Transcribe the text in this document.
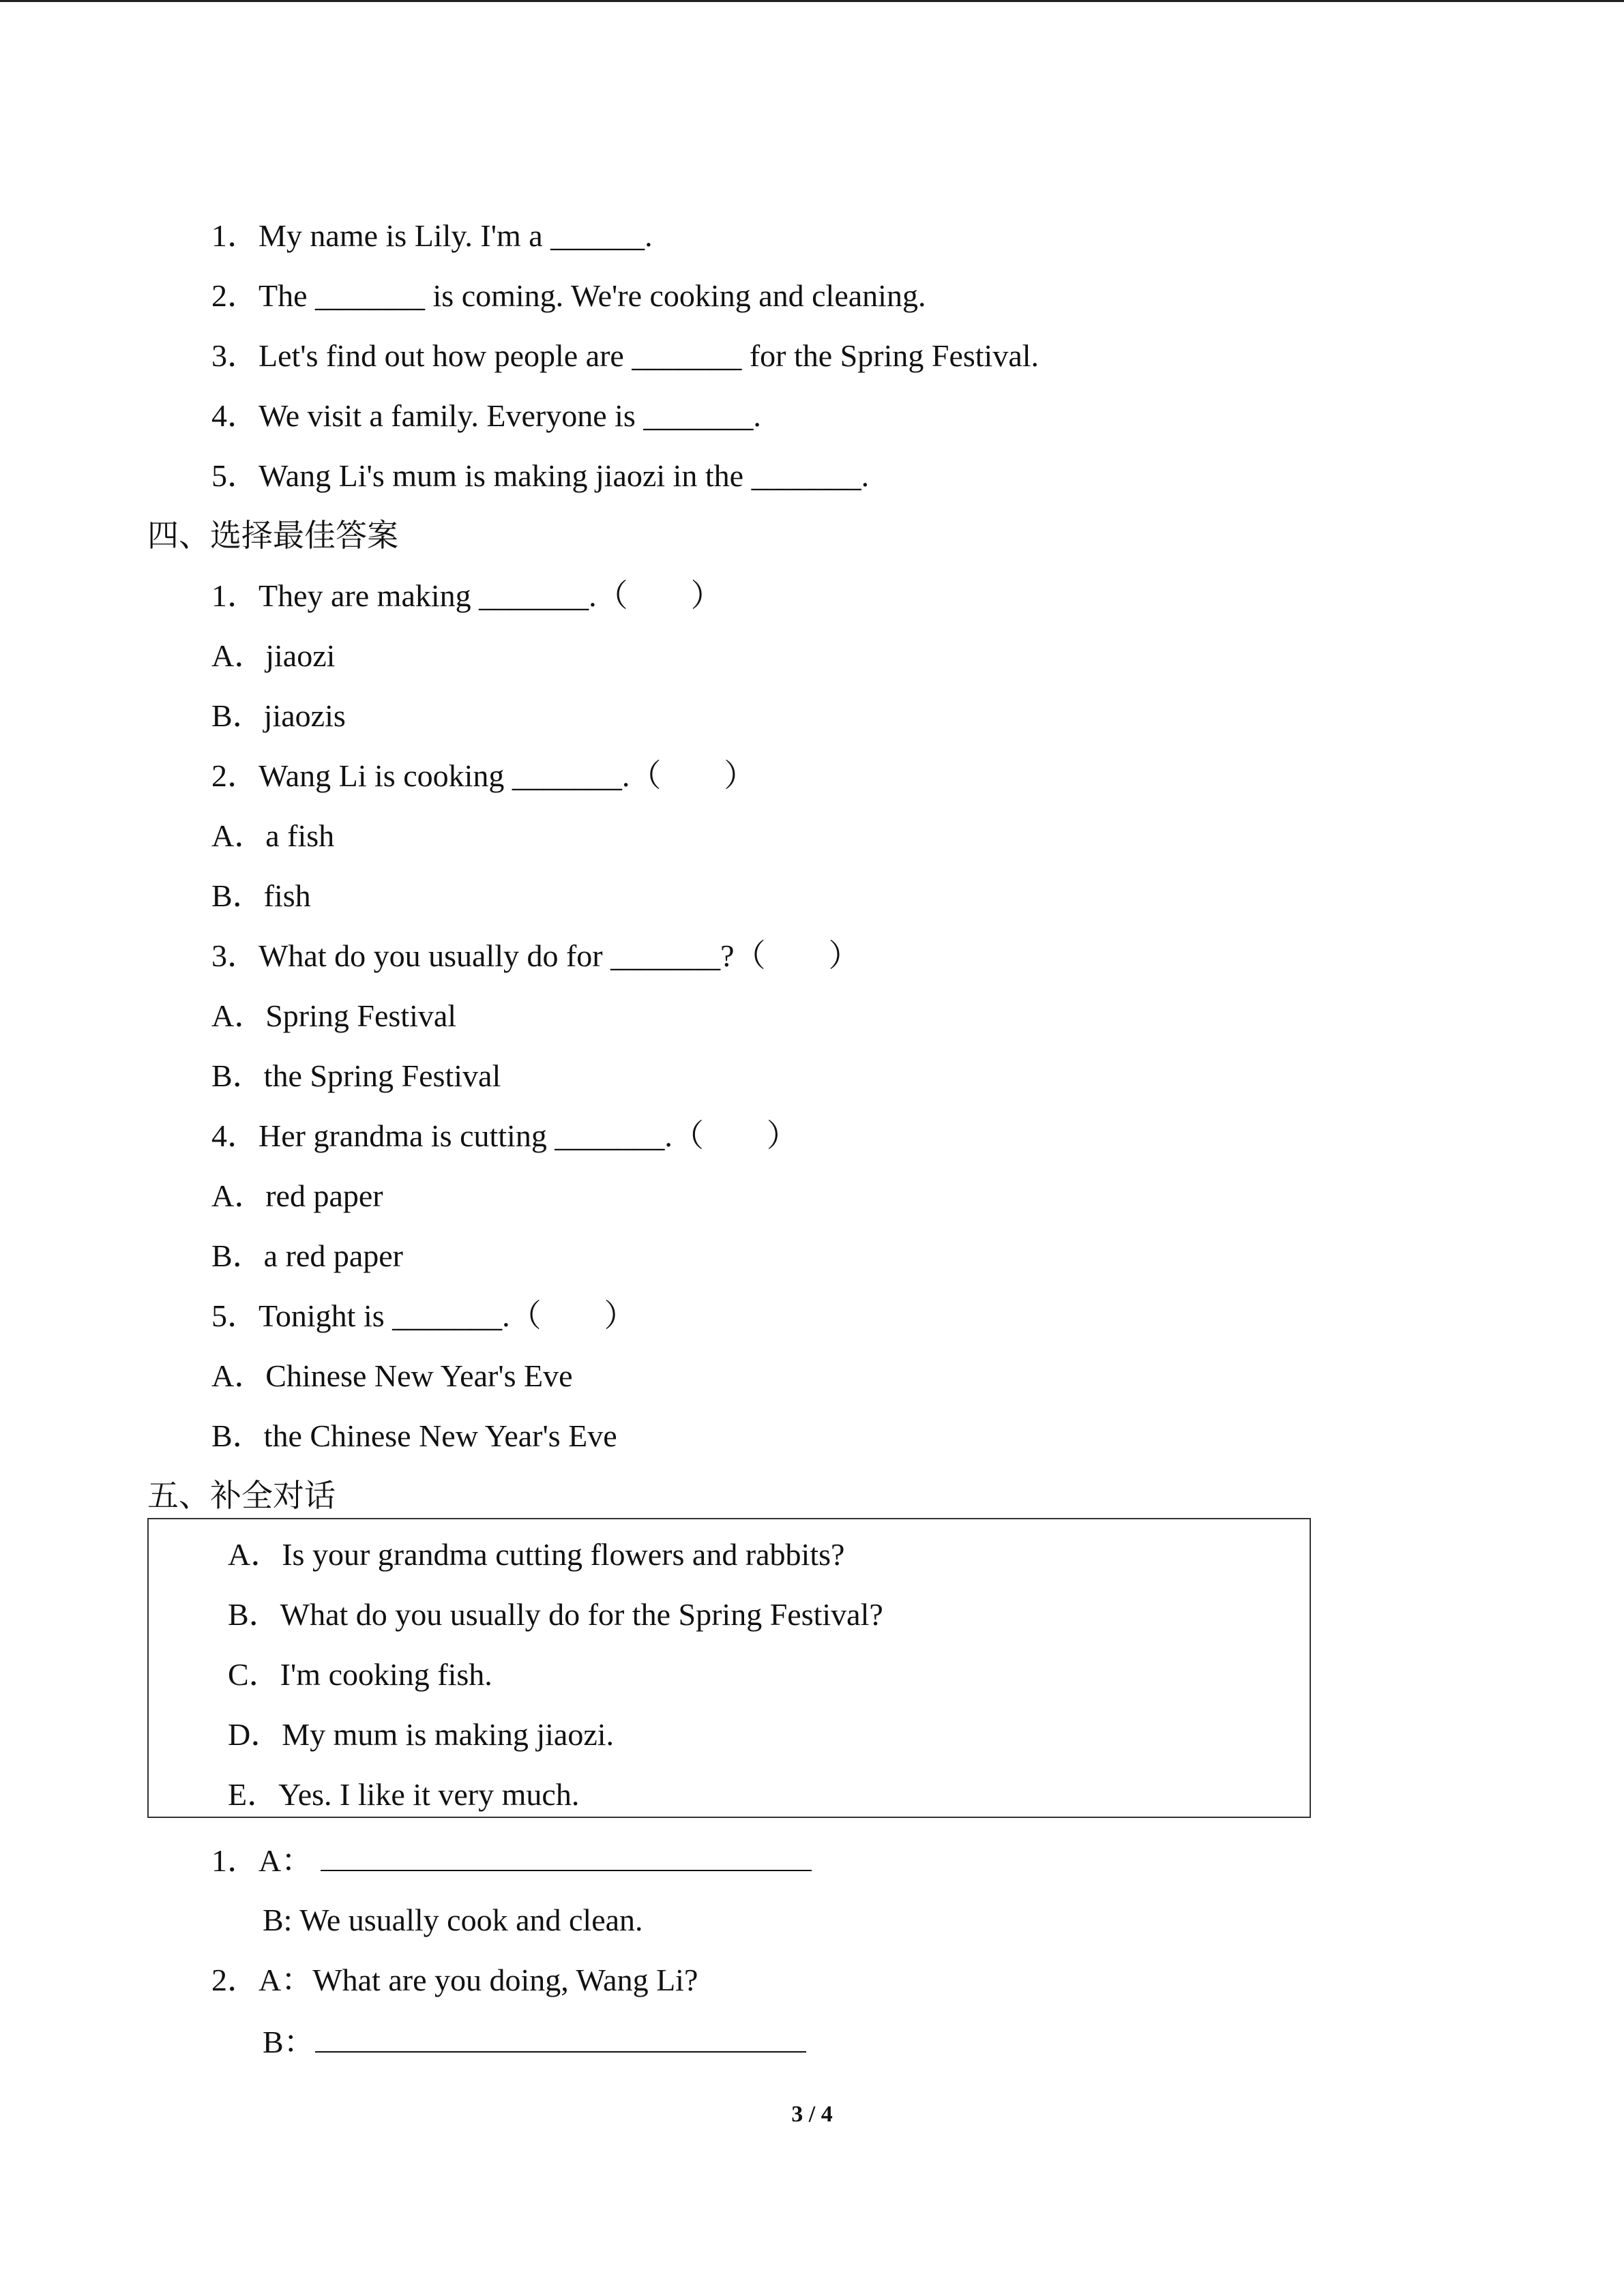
1．My name is Lily. I'm a ______.
2．The _______ is coming. We're cooking and cleaning.
3．Let's find out how people are _______ for the Spring Festival.
4．We visit a family. Everyone is _______.
5．Wang Li's mum is making jiaozi in the _______.
四、选择最佳答案
1．They are making _______.（　　）
A．jiaozi
B．jiaozis
2．Wang Li is cooking _______.（　　）
A．a fish
B．fish
3．What do you usually do for _______?（　　）
A．Spring Festival
B．the Spring Festival
4．Her grandma is cutting _______.（　　）
A．red paper
B．a red paper
5．Tonight is _______.（　　）
A．Chinese New Year's Eve
B．the Chinese New Year's Eve
五、补全对话
A．Is your grandma cutting flowers and rabbits?
B．What do you usually do for the Spring Festival?
C．I'm cooking fish.
D．My mum is making jiaozi.
E．Yes. I like it very much.
1．A：
B: We usually cook and clean.
2．A：What are you doing, Wang Li?
B：
3 / 4
